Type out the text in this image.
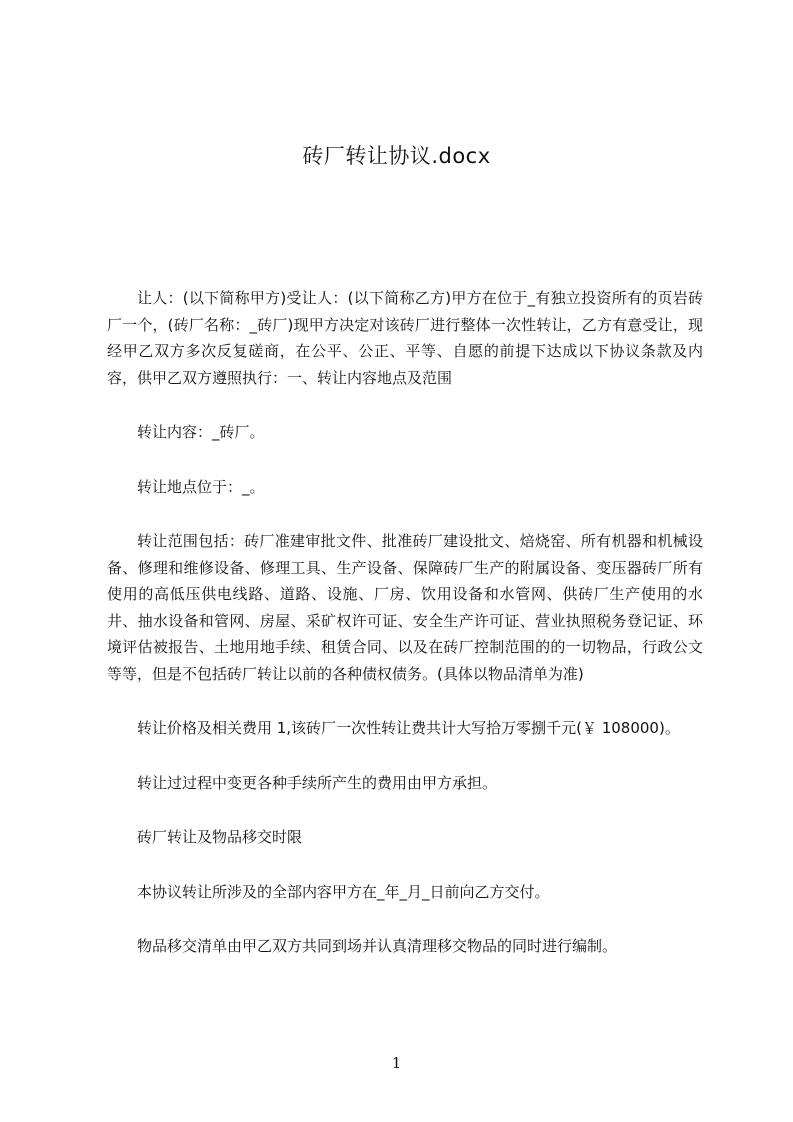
砖厂转让协议.docx

让人：(以下简称甲方)受让人：(以下简称乙方)甲方在位于_有独立投资所有的页岩砖厂一个，(砖厂名称：_砖厂)现甲方决定对该砖厂进行整体一次性转让，乙方有意受让，现经甲乙双方多次反复磋商，在公平、公正、平等、自愿的前提下达成以下协议条款及内容，供甲乙双方遵照执行：一、转让内容地点及范围

转让内容：_砖厂。

转让地点位于：_。

转让范围包括：砖厂准建审批文件、批准砖厂建设批文、焙烧窑、所有机器和机械设备、修理和维修设备、修理工具、生产设备、保障砖厂生产的附属设备、变压器砖厂所有使用的高低压供电线路、道路、设施、厂房、饮用设备和水管网、供砖厂生产使用的水井、抽水设备和管网、房屋、采矿权许可证、安全生产许可证、营业执照税务登记证、环境评估被报告、土地用地手续、租赁合同、以及在砖厂控制范围的的一切物品，行政公文等等，但是不包括砖厂转让以前的各种债权债务。(具体以物品清单为准)

转让价格及相关费用 1,该砖厂一次性转让费共计大写拾万零捌千元(￥ 108000)。

转让过过程中变更各种手续所产生的费用由甲方承担。

砖厂转让及物品移交时限

本协议转让所涉及的全部内容甲方在_年_月_日前向乙方交付。

物品移交清单由甲乙双方共同到场并认真清理移交物品的同时进行编制。

1
